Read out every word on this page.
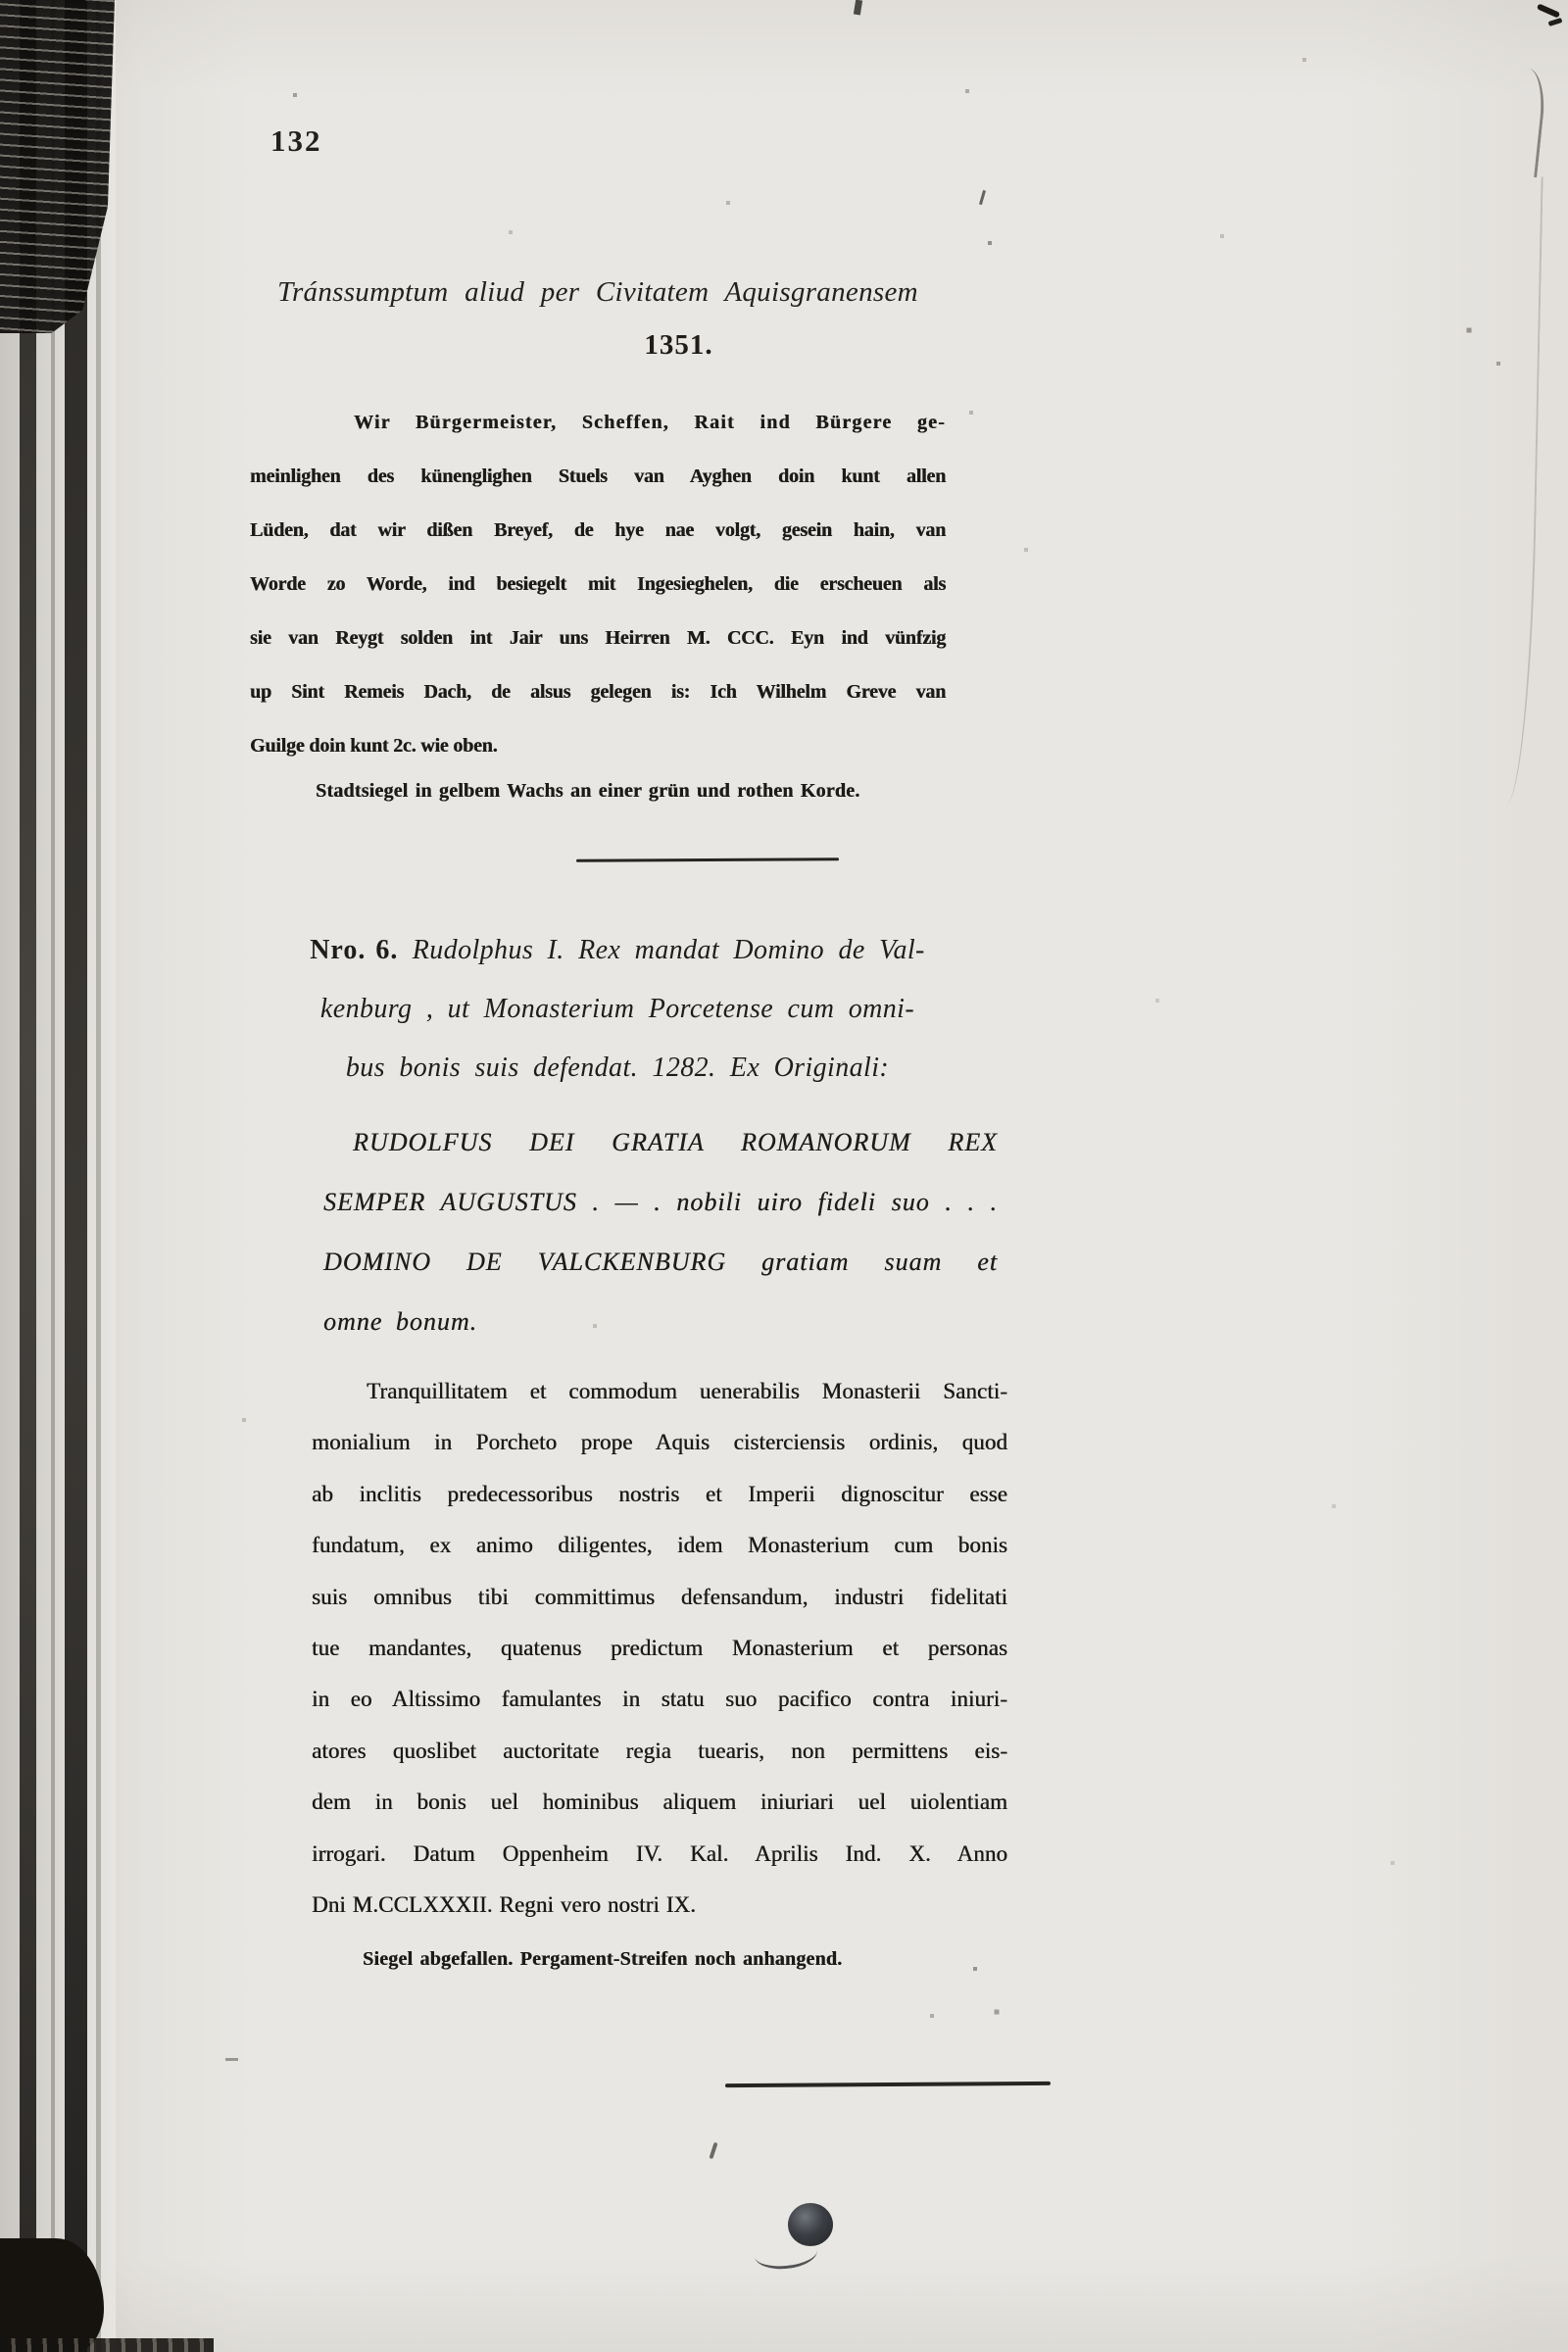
132
Tránssumptum aliud per Civitatem Aquisgranensem
1351.
Wir Bürgermeister, Scheffen, Rait ind Bürgere ge-
meinlighen des künenglighen Stuels van Ayghen doin kunt allen
Lüden, dat wir dißen Breyef, de hye nae volgt, gesein hain, van
Worde zo Worde, ind besiegelt mit Ingesieghelen, die erscheuen als
sie van Reygt solden int Jair uns Heirren M. CCC. Eyn ind vünfzig
up Sint Remeis Dach, de alsus gelegen is: Ich Wilhelm Greve van
Guilge doin kunt 2c. wie oben.
Stadtsiegel in gelbem Wachs an einer grün und rothen Korde.
Nro. 6. Rudolphus I. Rex mandat Domino de Val-
kenburg , ut Monasterium Porcetense cum omni-
bus bonis suis defendat. 1282. Ex Originali:
RUDOLFUS DEI GRATIA ROMANORUM REX
SEMPER AUGUSTUS . — . nobili uiro fideli suo . . .
DOMINO DE VALCKENBURG gratiam suam et
omne bonum.
Tranquillitatem et commodum uenerabilis Monasterii Sancti-
monialium in Porcheto prope Aquis cisterciensis ordinis, quod
ab inclitis predecessoribus nostris et Imperii dignoscitur esse
fundatum, ex animo diligentes, idem Monasterium cum bonis
suis omnibus tibi committimus defensandum, industri fidelitati
tue mandantes, quatenus predictum Monasterium et personas
in eo Altissimo famulantes in statu suo pacifico contra iniuri-
atores quoslibet auctoritate regia tuearis, non permittens eis-
dem in bonis uel hominibus aliquem iniuriari uel uiolentiam
irrogari. Datum Oppenheim IV. Kal. Aprilis Ind. X. Anno
Dni M.CCLXXXII. Regni vero nostri IX.
Siegel abgefallen. Pergament-Streifen noch anhangend.
